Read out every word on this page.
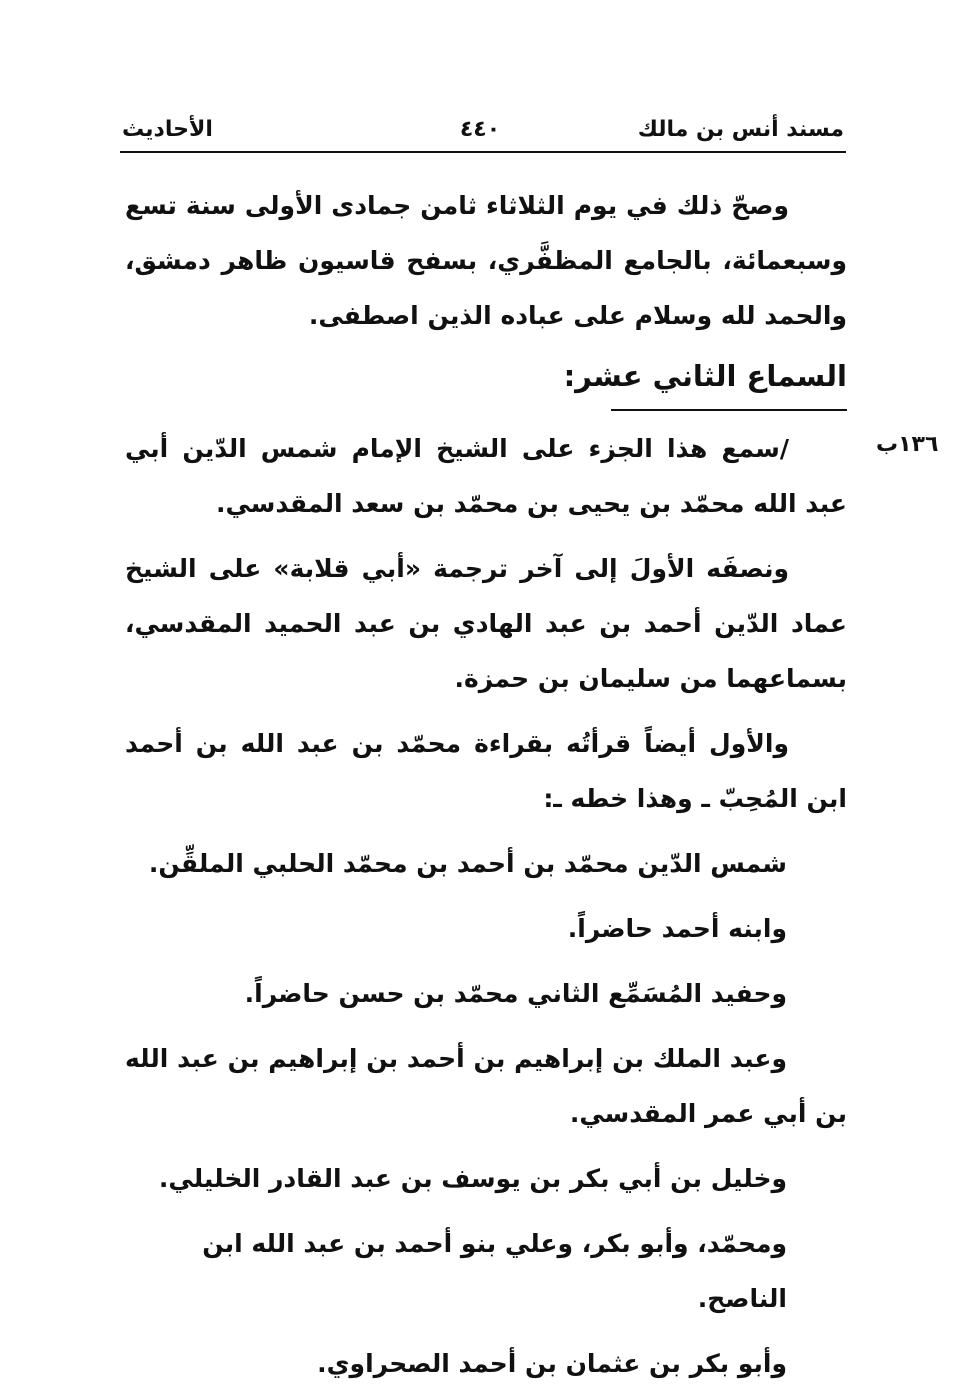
مسند أنس بن مالك
٤٤٠
الأحاديث
١٣٦ب

وصحّ ذلك في يوم الثلاثاء ثامن جمادى الأولى سنة تسع وسبعمائة، بالجامع المظفَّري، بسفح قاسيون ظاهر دمشق، والحمد لله وسلام على عباده الذين اصطفى.

السماع الثاني عشر:

/سمع هذا الجزء على الشيخ الإمام شمس الدّين أبي عبد الله محمّد بن يحيى بن محمّد بن سعد المقدسي.

ونصفَه الأولَ إلى آخر ترجمة «أبي قلابة» على الشيخ عماد الدّين أحمد بن عبد الهادي بن عبد الحميد المقدسي، بسماعهما من سليمان بن حمزة.

والأول أيضاً قرأتُه بقراءة محمّد بن عبد الله بن أحمد ابن المُحِبّ ـ وهذا خطه ـ:

شمس الدّين محمّد بن أحمد بن محمّد الحلبي الملقِّن.

وابنه أحمد حاضراً.

وحفيد المُسَمِّع الثاني محمّد بن حسن حاضراً.

وعبد الملك بن إبراهيم بن أحمد بن إبراهيم بن عبد الله بن أبي عمر المقدسي.

وخليل بن أبي بكر بن يوسف بن عبد القادر الخليلي.

ومحمّد، وأبو بكر، وعلي بنو أحمد بن عبد الله ابن الناصح.

وأبو بكر بن عثمان بن أحمد الصحراوي.
